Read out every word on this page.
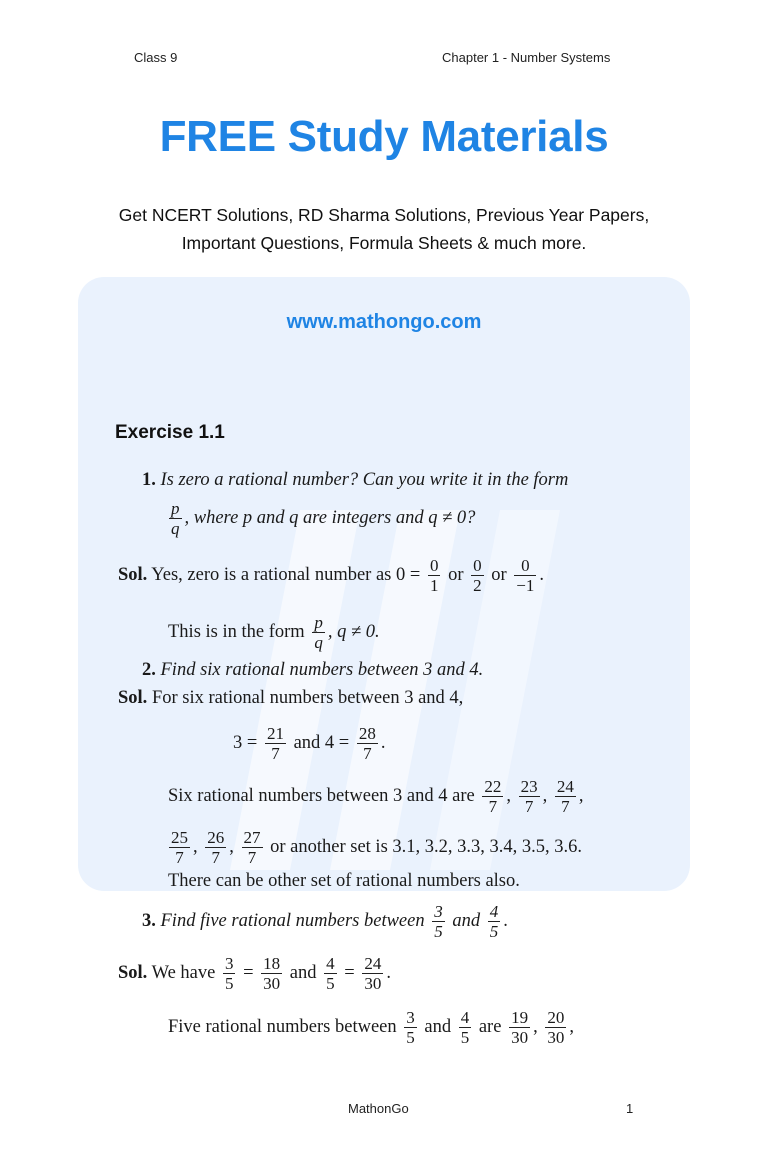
Class 9	Chapter 1 - Number Systems
FREE Study Materials
Get NCERT Solutions, RD Sharma Solutions, Previous Year Papers,
Important Questions, Formula Sheets & much more.
www.mathongo.com
Exercise 1.1
1. Is zero a rational number? Can you write it in the form
$\frac{p}{q}$ , where p and q are integers and q ≠ 0?
Sol. Yes, zero is a rational number as $0 = \frac{0}{1}$ or $\frac{0}{2}$ or $\frac{0}{-1}$ .
This is in the form $\frac{p}{q}$ , q ≠ 0.
2. Find six rational numbers between 3 and 4.
Sol. For six rational numbers between 3 and 4,
$3 = \frac{21}{7}$ and $4 = \frac{28}{7}$ .
Six rational numbers between 3 and 4 are $\frac{22}{7}$ , $\frac{23}{7}$ , $\frac{24}{7}$ ,
$\frac{25}{7}$ , $\frac{26}{7}$ , $\frac{27}{7}$ or another set is 3.1, 3.2, 3.3, 3.4, 3.5, 3.6.
There can be other set of rational numbers also.
3. Find five rational numbers between $\frac{3}{5}$ and $\frac{4}{5}$ .
Sol. We have $\frac{3}{5} = \frac{18}{30}$ and $\frac{4}{5} = \frac{24}{30}$ .
Five rational numbers between $\frac{3}{5}$ and $\frac{4}{5}$ are $\frac{19}{30}$ , $\frac{20}{30}$ ,
MathonGo	1
